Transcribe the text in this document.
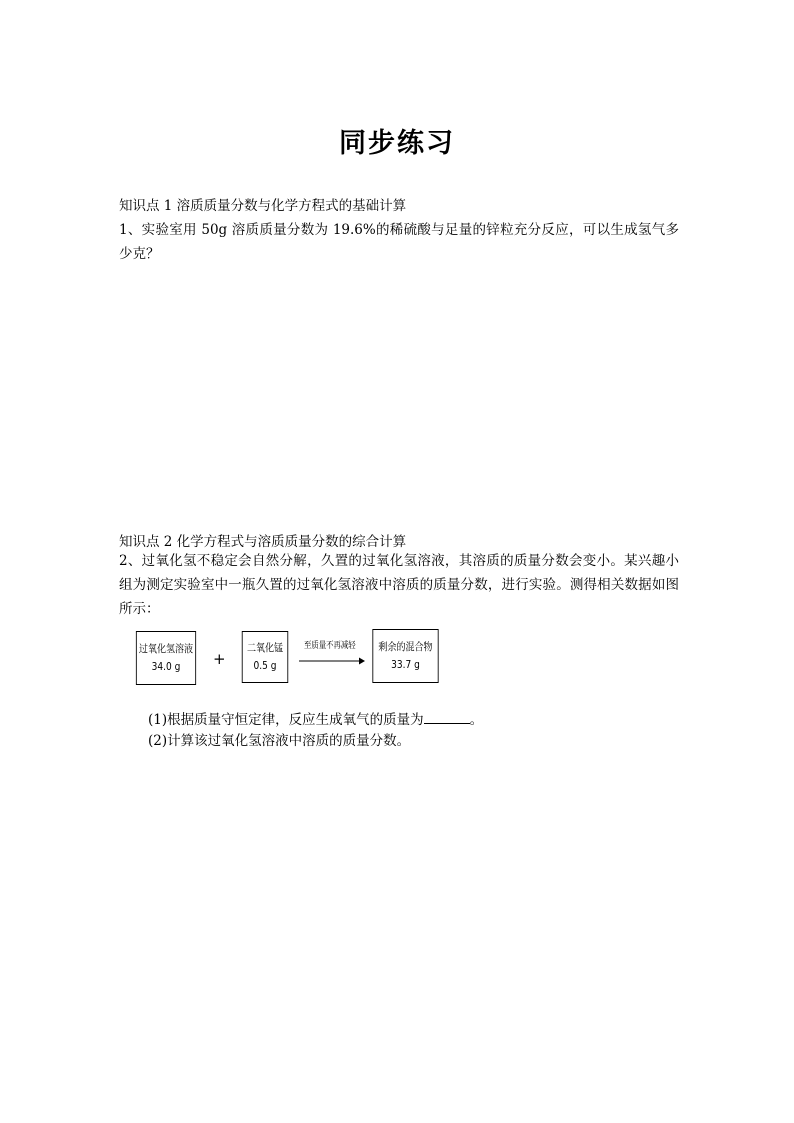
同步练习
知识点 1 溶质质量分数与化学方程式的基础计算
1、实验室用 50g 溶质质量分数为 19.6%的稀硫酸与足量的锌粒充分反应，可以生成氢气多少克？
知识点 2 化学方程式与溶质质量分数的综合计算
2、过氧化氢不稳定会自然分解，久置的过氧化氢溶液，其溶质的质量分数会变小。某兴趣小组为测定实验室中一瓶久置的过氧化氢溶液中溶质的质量分数，进行实验。测得相关数据如图所示：
过氧化氢溶液
34.0 g +
二氧化锰
0.5 g
至质量不再减轻 剩余的混合物
33.7 g
(1)根据质量守恒定律，反应生成氧气的质量为	。
(2)计算该过氧化氢溶液中溶质的质量分数。
